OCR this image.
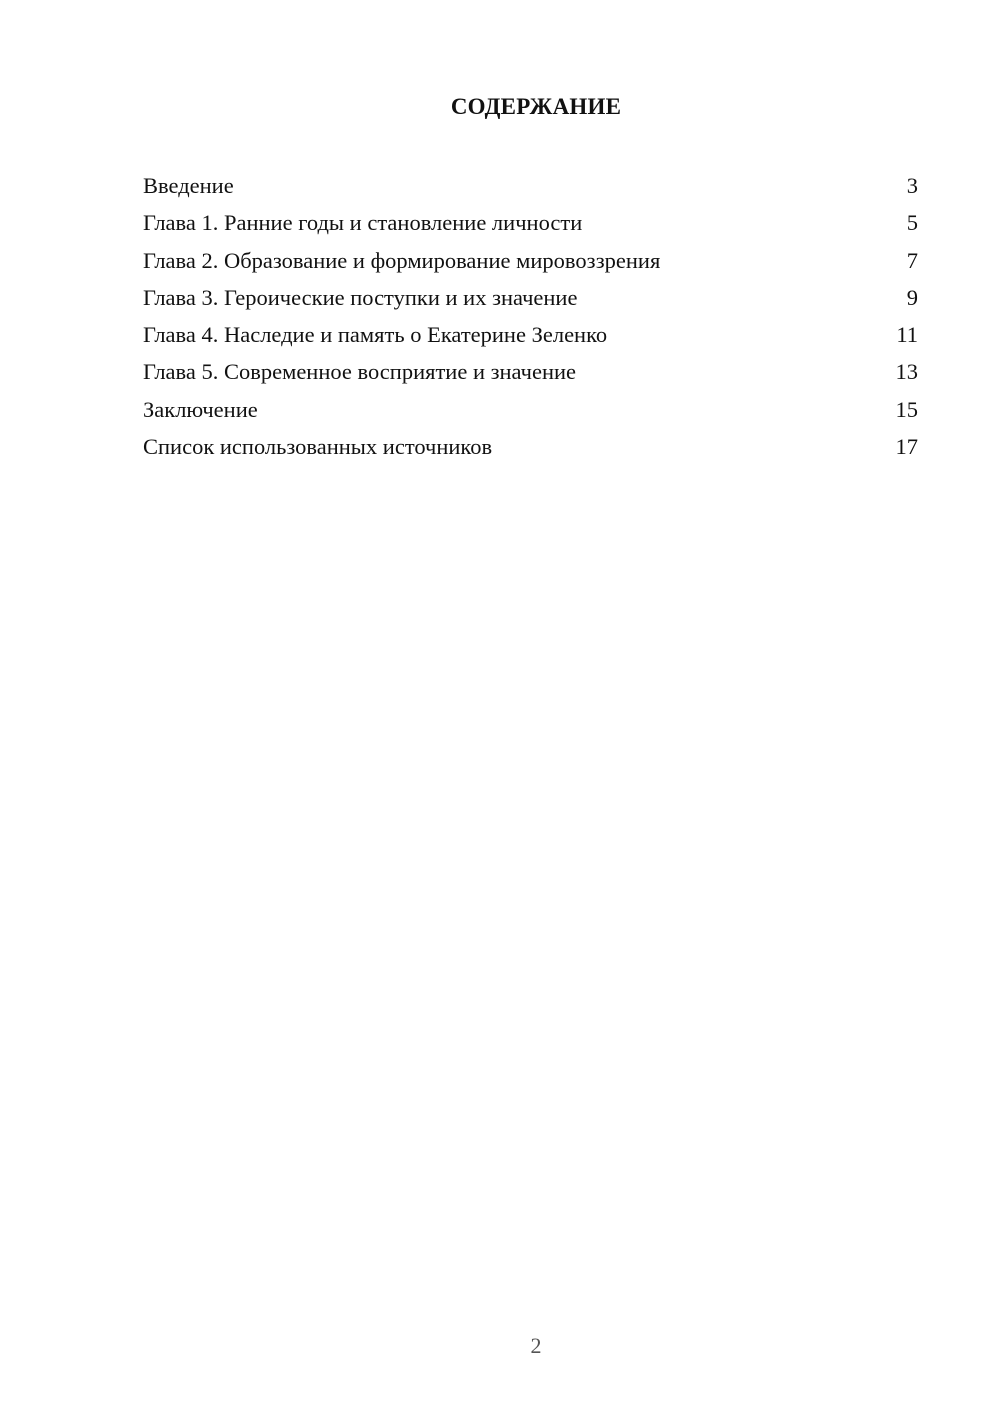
СОДЕРЖАНИЕ
Введение	3
Глава 1. Ранние годы и становление личности	5
Глава 2. Образование и формирование мировоззрения	7
Глава 3. Героические поступки и их значение	9
Глава 4. Наследие и память о Екатерине Зеленко	11
Глава 5. Современное восприятие и значение	13
Заключение	15
Список использованных источников	17
2
